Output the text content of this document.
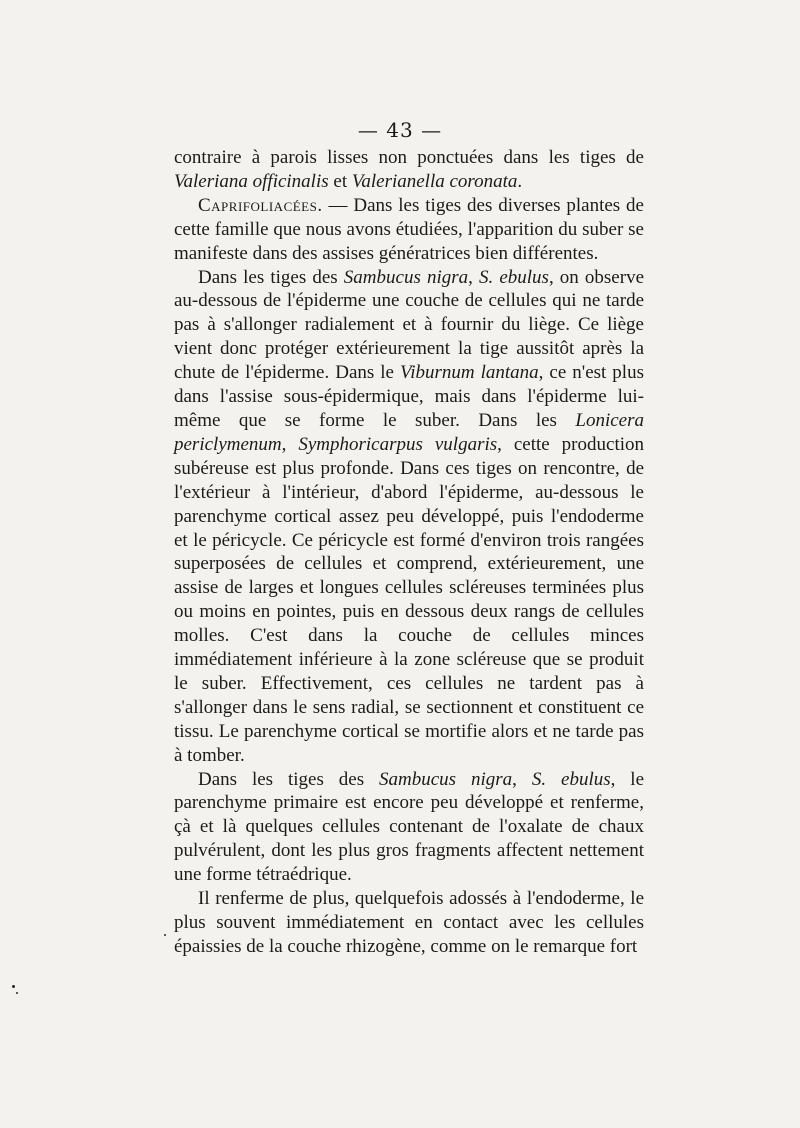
— 43 —

contraire à parois lisses non ponctuées dans les tiges de Valeriana officinalis et Valerianella coronata.

Caprifoliacées. — Dans les tiges des diverses plantes de cette famille que nous avons étudiées, l'apparition du suber se manifeste dans des assises génératrices bien différentes.

Dans les tiges des Sambucus nigra, S. ebulus, on observe au-dessous de l'épiderme une couche de cellules qui ne tarde pas à s'allonger radialement et à fournir du liège. Ce liège vient donc protéger extérieurement la tige aussitôt après la chute de l'épiderme. Dans le Viburnum lantana, ce n'est plus dans l'assise sous-épidermique, mais dans l'épiderme lui-même que se forme le suber. Dans les Lonicera periclymenum, Symphoricarpus vulgaris, cette production subéreuse est plus profonde. Dans ces tiges on rencontre, de l'extérieur à l'intérieur, d'abord l'épiderme, au-dessous le parenchyme cortical assez peu développé, puis l'endoderme et le péricycle. Ce péricycle est formé d'environ trois rangées superposées de cellules et comprend, extérieurement, une assise de larges et longues cellules scléreuses terminées plus ou moins en pointes, puis en dessous deux rangs de cellules molles. C'est dans la couche de cellules minces immédiatement inférieure à la zone scléreuse que se produit le suber. Effectivement, ces cellules ne tardent pas à s'allonger dans le sens radial, se sectionnent et constituent ce tissu. Le parenchyme cortical se mortifie alors et ne tarde pas à tomber.

Dans les tiges des Sambucus nigra, S. ebulus, le parenchyme primaire est encore peu développé et renferme, çà et là quelques cellules contenant de l'oxalate de chaux pulvérulent, dont les plus gros fragments affectent nettement une forme tétraédrique.

Il renferme de plus, quelquefois adossés à l'endoderme, le plus souvent immédiatement en contact avec les cellules épaissies de la couche rhizogène, comme on le remarque fort
